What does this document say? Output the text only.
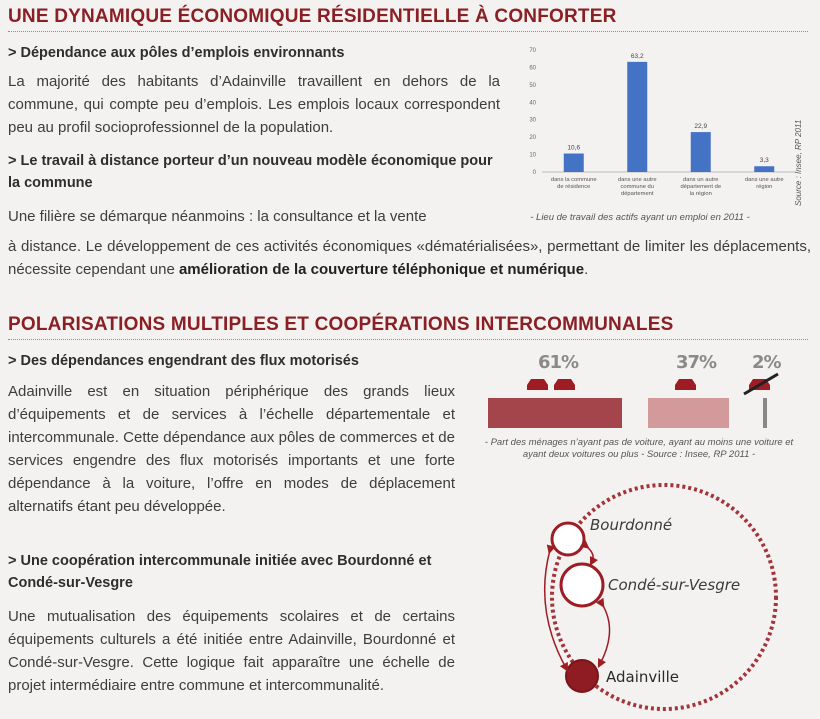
UNE DYNAMIQUE ÉCONOMIQUE RÉSIDENTIELLE À CONFORTER
> Dépendance aux pôles d’emplois environnants
La majorité des habitants d’Adainville travaillent en dehors de la commune, qui compte peu d’emplois. Les emplois locaux correspondent peu au profil socioprofessionnel de la population.
> Le travail à distance porteur d’un nouveau modèle économique pour la commune
Une filière se démarque néanmoins : la consultance et la vente
à distance. Le développement de ces activités économiques «dématérialisées», permettant de limiter les déplacements, nécessite cependant une amélioration de la couverture téléphonique et numérique.
0
10
20
30
40
50
60
70
10,6
dans la commune de résidence
63,2
dans une autre commune du département
22,9
dans un autre département de la région
3,3
dans une autre région
- Lieu de travail des actifs ayant un emploi en 2011 -
Source : Insee, RP 2011
POLARISATIONS MULTIPLES ET COOPÉRATIONS INTERCOMMUNALES
> Des dépendances engendrant des flux motorisés
Adainville est en situation périphérique des grands lieux d’équipements et de services à l’échelle départementale et intercommunale. Cette dépendance aux pôles de commerces et de services engendre des flux motorisés importants et une forte dépendance à la voiture, l’offre en modes de déplacement alternatifs étant peu développée.
> Une coopération intercommunale initiée avec Bourdonné et Condé-sur-Vesgre
Une mutualisation des équipements scolaires et de certains équipements culturels a été initiée entre Adainville, Bourdonné et Condé-sur-Vesgre. Cette logique fait apparaître une échelle de projet intermédiaire entre commune et intercommunalité.
61%	37% 2%
- Part des ménages n’ayant pas de voiture, ayant au moins une voiture et ayant deux voitures ou plus - Source : Insee, RP 2011 -
Bourdonné
Condé-sur-Vesgre
Adainville
